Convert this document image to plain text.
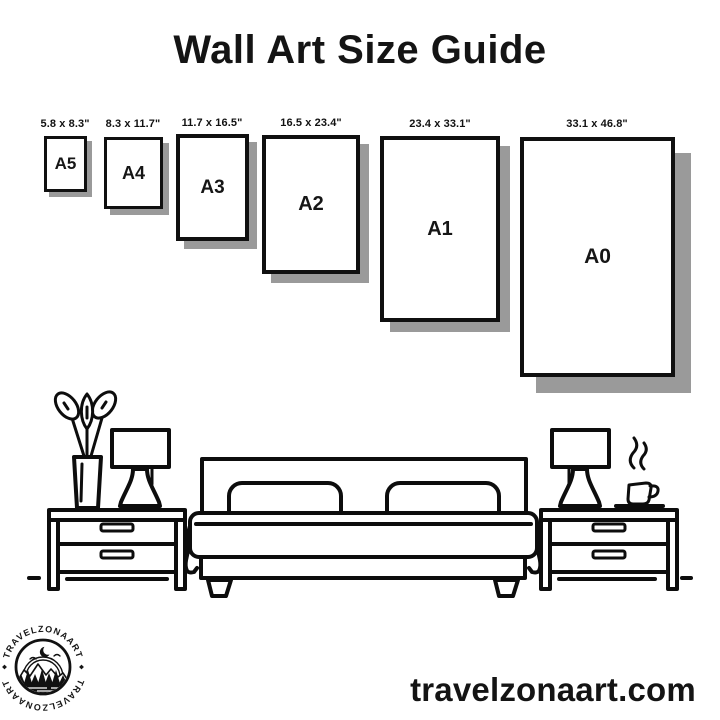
Wall Art Size Guide
5.8 x 8.3" 8.3 x 11.7" 11.7 x 16.5"	16.5 x 23.4"	23.4 x 33.1"	33.1 x 46.8"
A5	A4
A3
A2
A1
A0
TRAVELZONAART
TRAVELZONAART	travelzonaart.com
